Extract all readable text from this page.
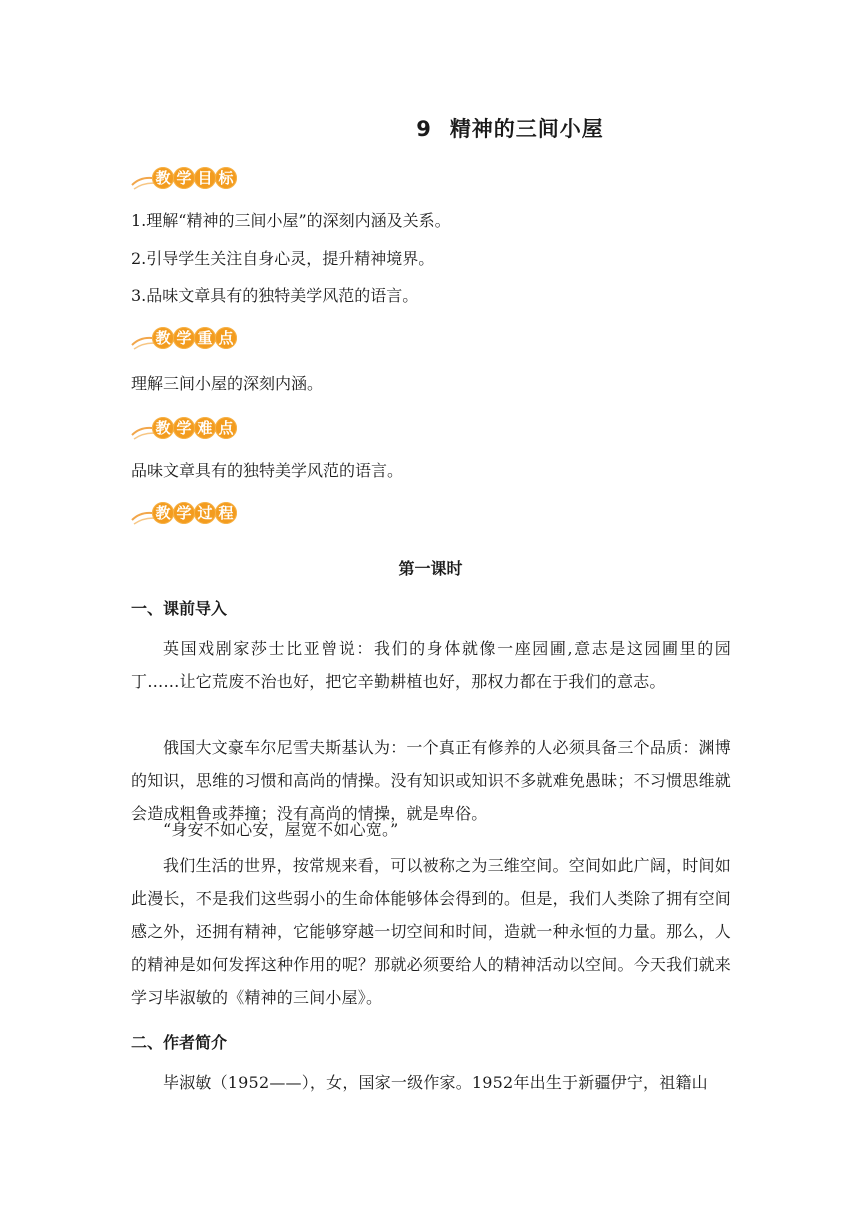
9 精神的三间小屋
教 学 目 标
1.理解“精神的三间小屋”的深刻内涵及关系。
2.引导学生关注自身心灵，提升精神境界。
3.品味文章具有的独特美学风范的语言。
教 学 重 点
理解三间小屋的深刻内涵。
教 学 难 点
品味文章具有的独特美学风范的语言。
教 学 过 程
第一课时
一、课前导入
英国戏剧家莎士比亚曾说：我们的身体就像一座园圃,意志是这园圃里的园丁……让它荒废不治也好，把它辛勤耕植也好，那权力都在于我们的意志。
俄国大文豪车尔尼雪夫斯基认为：一个真正有修养的人必须具备三个品质：渊博的知识，思维的习惯和高尚的情操。没有知识或知识不多就难免愚昧；不习惯思维就会造成粗鲁或莽撞；没有高尚的情操，就是卑俗。
“身安不如心安，屋宽不如心宽。”
我们生活的世界，按常规来看，可以被称之为三维空间。空间如此广阔，时间如此漫长，不是我们这些弱小的生命体能够体会得到的。但是，我们人类除了拥有空间感之外，还拥有精神，它能够穿越一切空间和时间，造就一种永恒的力量。那么，人的精神是如何发挥这种作用的呢？那就必须要给人的精神活动以空间。今天我们就来学习毕淑敏的《精神的三间小屋》。
二、作者简介
毕淑敏（1952——），女，国家一级作家。1952年出生于新疆伊宁，祖籍山
